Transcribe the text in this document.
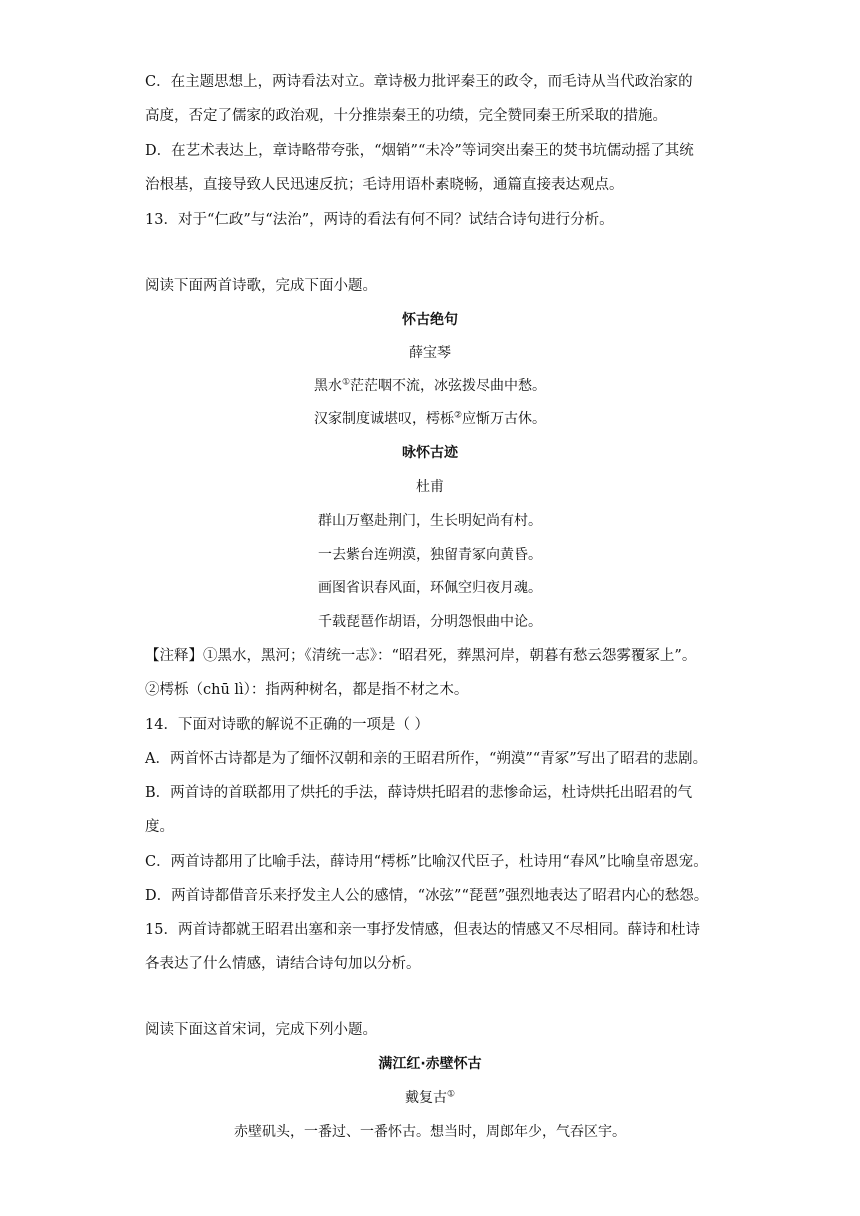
C．在主题思想上，两诗看法对立。章诗极力批评秦王的政令，而毛诗从当代政治家的
高度，否定了儒家的政治观，十分推崇秦王的功绩，完全赞同秦王所采取的措施。
D．在艺术表达上，章诗略带夸张，“烟销”“未冷”等词突出秦王的焚书坑儒动摇了其统
治根基，直接导致人民迅速反抗；毛诗用语朴素晓畅，通篇直接表达观点。
13．对于“仁政”与“法治”，两诗的看法有何不同？试结合诗句进行分析。
阅读下面两首诗歌，完成下面小题。
怀古绝句
薛宝琴
黑水①茫茫咽不流，冰弦拨尽曲中愁。
汉家制度诚堪叹，樗栎②应惭万古休。
咏怀古迹
杜甫
群山万壑赴荆门，生长明妃尚有村。
一去紫台连朔漠，独留青冢向黄昏。
画图省识春风面，环佩空归夜月魂。
千载琵琶作胡语，分明怨恨曲中论。
【注释】①黑水，黑河；《清统一志》：“昭君死，葬黑河岸，朝暮有愁云怨雾覆冢上”。
②樗栎（chū lì）：指两种树名，都是指不材之木。
14．下面对诗歌的解说不正确的一项是（ ）
A．两首怀古诗都是为了缅怀汉朝和亲的王昭君所作，“朔漠”“青冢”写出了昭君的悲剧。
B．两首诗的首联都用了烘托的手法，薛诗烘托昭君的悲惨命运，杜诗烘托出昭君的气
度。
C．两首诗都用了比喻手法，薛诗用“樗栎”比喻汉代臣子，杜诗用“春风”比喻皇帝恩宠。
D．两首诗都借音乐来抒发主人公的感情，“冰弦”“琵琶”强烈地表达了昭君内心的愁怨。
15．两首诗都就王昭君出塞和亲一事抒发情感，但表达的情感又不尽相同。薛诗和杜诗
各表达了什么情感，请结合诗句加以分析。
阅读下面这首宋词，完成下列小题。
满江红·赤壁怀古
戴复古①
赤壁矶头，一番过、一番怀古。想当时，周郎年少，气吞区宇。
